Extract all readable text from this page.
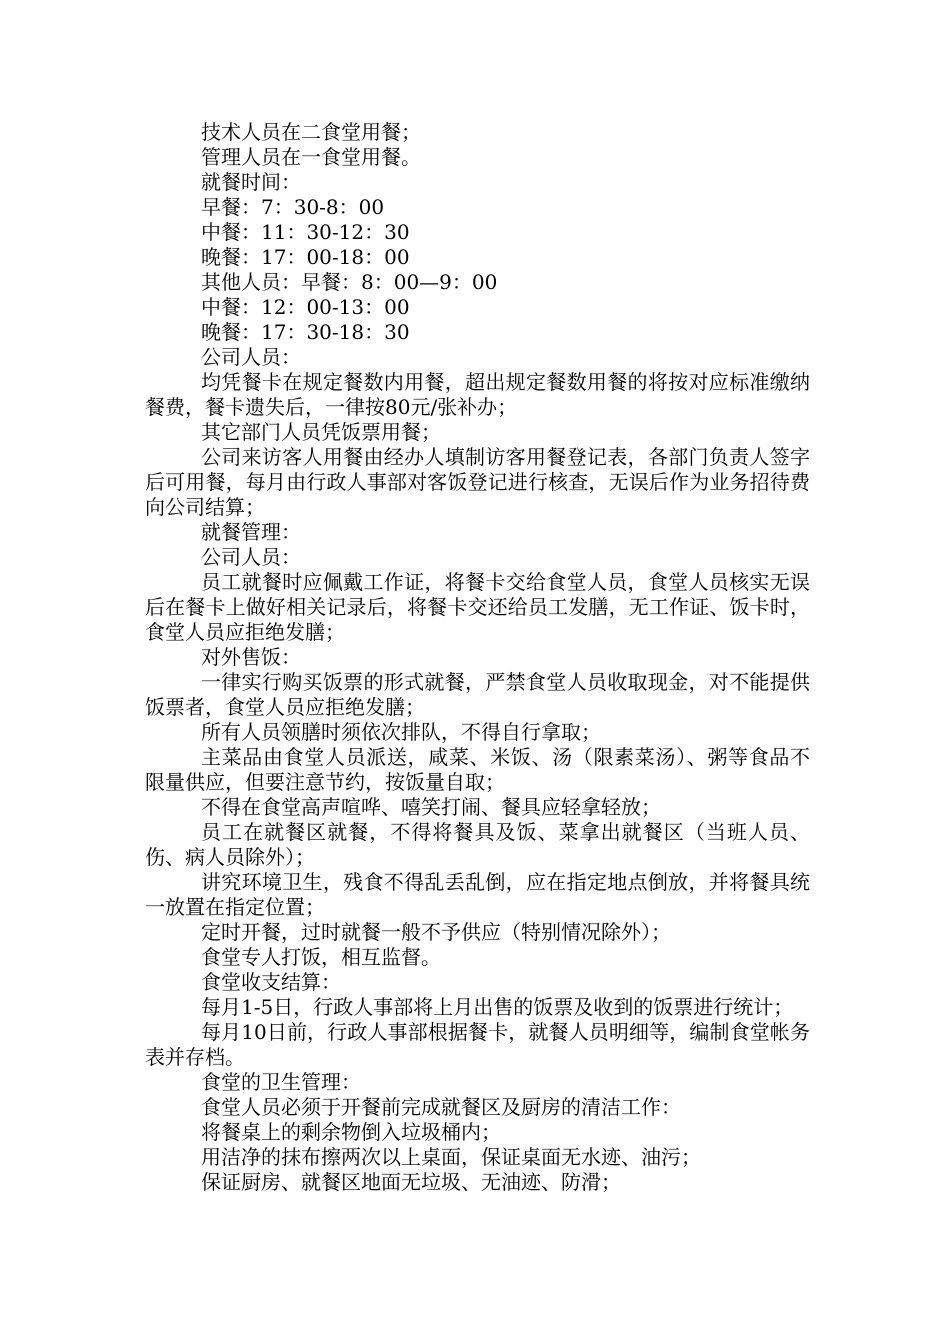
技术人员在二食堂用餐；

管理人员在一食堂用餐。

就餐时间：

早餐：7：30-8：00

中餐：11：30-12：30

晚餐：17：00-18：00

其他人员：早餐：8：00—9：00

中餐：12：00-13：00

晚餐：17：30-18：30

公司人员：

均凭餐卡在规定餐数内用餐，超出规定餐数用餐的将按对应标准缴纳餐费，餐卡遗失后，一律按80元/张补办；

其它部门人员凭饭票用餐；

公司来访客人用餐由经办人填制访客用餐登记表，各部门负责人签字后可用餐，每月由行政人事部对客饭登记进行核查，无误后作为业务招待费向公司结算；

就餐管理：

公司人员：

员工就餐时应佩戴工作证，将餐卡交给食堂人员，食堂人员核实无误后在餐卡上做好相关记录后，将餐卡交还给员工发膳，无工作证、饭卡时，食堂人员应拒绝发膳；

对外售饭：

一律实行购买饭票的形式就餐，严禁食堂人员收取现金，对不能提供饭票者，食堂人员应拒绝发膳；

所有人员领膳时须依次排队，不得自行拿取；

主菜品由食堂人员派送，咸菜、米饭、汤（限素菜汤）、粥等食品不限量供应，但要注意节约，按饭量自取；

不得在食堂高声喧哗、嘻笑打闹、餐具应轻拿轻放；

员工在就餐区就餐，不得将餐具及饭、菜拿出就餐区（当班人员、伤、病人员除外）；

讲究环境卫生，残食不得乱丢乱倒，应在指定地点倒放，并将餐具统一放置在指定位置；

定时开餐，过时就餐一般不予供应（特别情况除外）；

食堂专人打饭，相互监督。

食堂收支结算：

每月1-5日，行政人事部将上月出售的饭票及收到的饭票进行统计；

每月10日前，行政人事部根据餐卡，就餐人员明细等，编制食堂帐务表并存档。

食堂的卫生管理：

食堂人员必须于开餐前完成就餐区及厨房的清洁工作：

将餐桌上的剩余物倒入垃圾桶内；

用洁净的抹布擦两次以上桌面，保证桌面无水迹、油污；

保证厨房、就餐区地面无垃圾、无油迹、防滑；
